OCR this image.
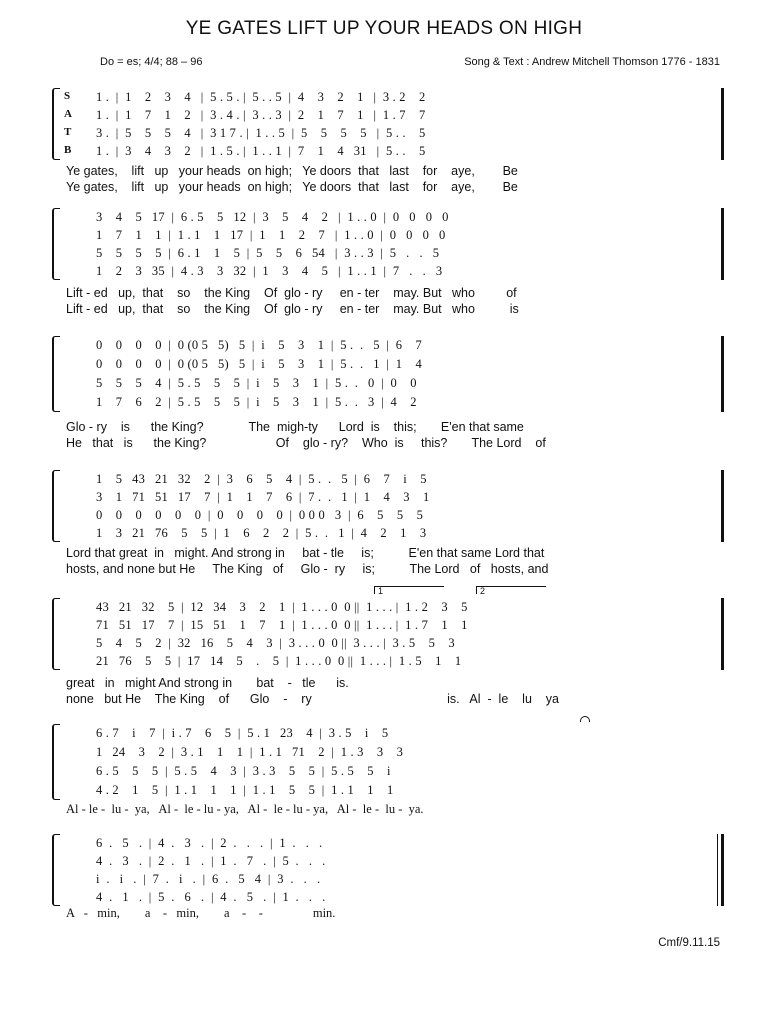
YE GATES LIFT UP YOUR HEADS ON HIGH
Do = es; 4/4; 88 – 96	Song & Text : Andrew Mitchell Thomson 1776 - 1831
S 1 .  |  1    2    3    4   |  5 . 5 . |  5 . . 5  |  4    3    2    1   |  3 . 2    2
A 1 .  |  1    7    1    2   |  3 . 4 . |  3 . . 3  |  2    1    7    1   |  1 . 7    7
T 3 .  |  5    5    5    4   |  3 1 7 . |  1 . . 5  |  5    5    5    5   |  5 . .    5
B 1 .  |  3    4    3    2   |  1 . 5 . |  1 . . 1  |  7    1    4   31   |  5 . .    5
Ye gates,    lift   up   your heads  on high;   Ye doors  that   last    for    aye,        Be
Ye gates,    lift   up   your heads  on high;   Ye doors  that   last    for    aye,        Be
3    4    5   17  |  6 . 5    5   12  |  3    5    4    2   |  1 . . 0  |  0   0   0   0
1    7    1    1  |  1 . 1    1   17  |  1    1    2    7   |  1 . . 0  |  0   0   0   0
5    5    5    5  |  6 . 1    1    5  |  5    5    6   54   |  3 . . 3  |  5   .   .   5
1    2    3   35  |  4 . 3    3   32  |  1    3    4    5   |  1 . . 1  |  7   .   .   3
Lift - ed   up,  that    so    the King    Of  glo - ry     en - ter    may. But   who         of
Lift - ed   up,  that    so    the King    Of  glo - ry     en - ter    may. But   who          is
0    0    0    0  |  0 (0 5   5)   5  |  i    5    3    1  |  5 .  .   5  |  6    7
0    0    0    0  |  0 (0 5   5)   5  |  i    5    3    1  |  5 .  .   1  |  1    4
5    5    5    4  |  5 . 5    5    5  |  i    5    3    1  |  5 .  .   0  |  0    0
1    7    6    2  |  5 . 5    5    5  |  i    5    3    1  |  5 .  .   3  |  4    2
Glo - ry    is      the King?             The  migh-ty      Lord  is    this;       E'en that same
He   that   is      the King?                    Of    glo - ry?    Who  is     this?       The Lord    of
1    5   43   21   32    2  |  3    6    5    4  |  5 .  .   5  |  6    7    i    5
3    1   71   51   17    7  |  1    1    7    6  |  7 .  .   1  |  1    4    3    1
0    0    0    0    0    0  |  0    0    0    0  |  0 0 0   3  |  6    5    5    5
1    3   21   76    5    5  |  1    6    2    2  |  5 .  .   1  |  4    2    1    3
Lord that great  in   might. And strong in     bat - tle     is;          E'en that same Lord that
hosts, and none but He     The King   of     Glo -  ry     is;          The Lord   of   hosts, and
1	2
43   21   32    5  |  12   34    3    2    1  |  1 . . . 0  0 ||  1 . . . |  1 . 2    3    5
71   51   17    7  |  15   51    1    7    1  |  1 . . . 0  0 ||  1 . . . |  1 . 7    1    1
5    4    5    2  |  32   16    5    4    3  |  3 . . . 0  0 ||  3 . . . |  3 . 5    5    3
21   76    5    5  |  17   14    5    .    5  |  1 . . . 0  0 ||  1 . . . |  1 . 5    1    1
great   in   might And strong in       bat    -   tle      is.
none   but He    The King    of      Glo    -    ry                                       is.   Al  -  le    lu    ya
6 . 7    i    7  |  i . 7    6    5  |  5 . 1   23    4  |  3 . 5    i    5
1   24    3    2  |  3 . 1    1    1  |  1 . 1   71    2  |  1 . 3    3    3
6 . 5    5    5  |  5 . 5    4    3  |  3 . 3    5    5  |  5 . 5    5    i
4 . 2    1    5  |  1 . 1    1    1  |  1 . 1    5    5  |  1 . 1    1    1
Al - le -  lu -  ya,   Al -  le - lu - ya,   Al -  le - lu - ya,   Al -  le -  lu -  ya.
6  .   5   .  |  4  .   3   .  |  2  .   .   .  |  1  .   .   .
4  .   3   .  |  2  .   1   .  |  1  .   7   .  |  5  .   .   .
i  .   i   .  |  7  .   i   .  |  6  .   5   4  |  3  .   .   .
4  .   1   .  |  5  .   6   .  |  4  .   5   .  |  1  .   .   .
A   -   min,        a    -   min,        a    -    -                min.
Cmf/9.11.15
